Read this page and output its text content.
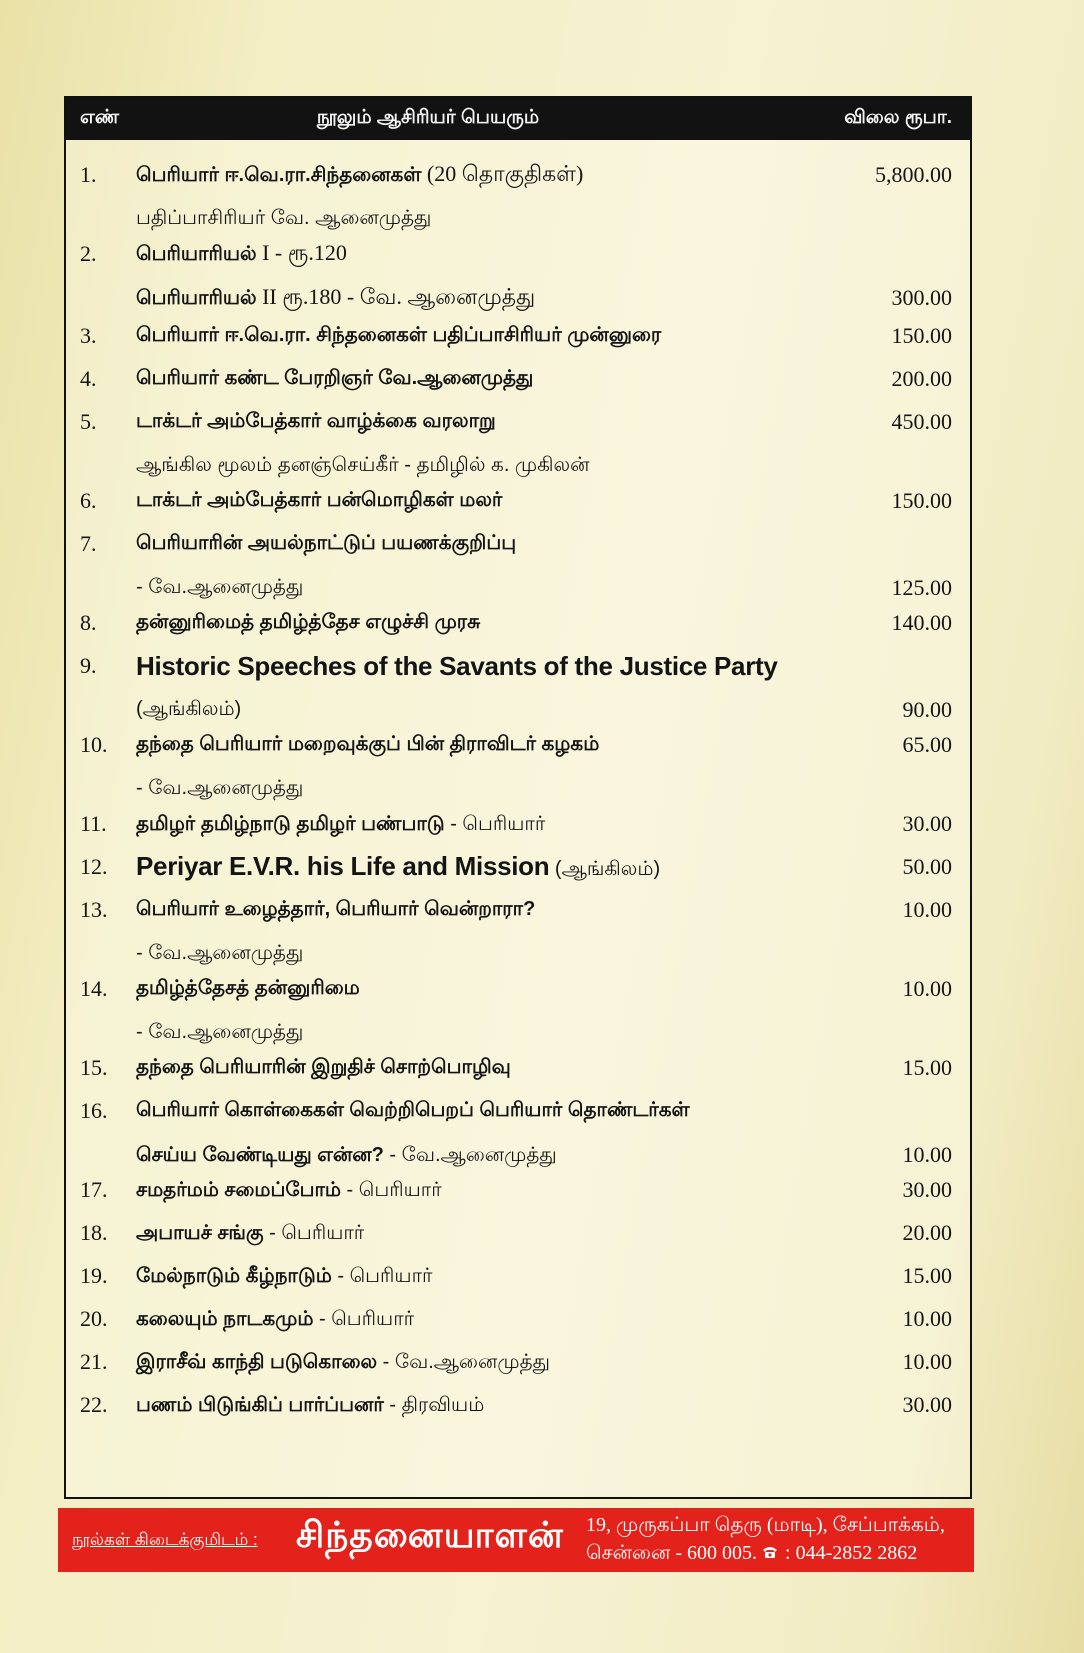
எண்	நூலும் ஆசிரியர் பெயரும்	விலை ரூபா.
1.	பெரியார் ஈ.வெ.ரா.சிந்தனைகள் (20 தொகுதிகள்)	5,800.00
பதிப்பாசிரியர் வே. ஆனைமுத்து
2.	பெரியாரியல் I - ரூ.120
பெரியாரியல் II ரூ.180 - வே. ஆனைமுத்து	300.00
3.	பெரியார் ஈ.வெ.ரா. சிந்தனைகள் பதிப்பாசிரியர் முன்னுரை	150.00
4.	பெரியார் கண்ட பேரறிஞர் வே.ஆனைமுத்து	200.00
5.	டாக்டர் அம்பேத்கார் வாழ்க்கை வரலாறு	450.00
ஆங்கில மூலம் தனஞ்செய்கீர் - தமிழில் க. முகிலன்
6.	டாக்டர் அம்பேத்கார் பன்மொழிகள் மலர்	150.00
7.	பெரியாரின் அயல்நாட்டுப் பயணக்குறிப்பு
- வே.ஆனைமுத்து	125.00
8.	தன்னுரிமைத் தமிழ்த்தேச எழுச்சி முரசு	140.00
9.	Historic Speeches of the Savants of the Justice Party
(ஆங்கிலம்)	90.00
10.	தந்தை பெரியார் மறைவுக்குப் பின் திராவிடர் கழகம்	65.00
- வே.ஆனைமுத்து
11.	தமிழர் தமிழ்நாடு தமிழர் பண்பாடு - பெரியார்	30.00
12.	Periyar E.V.R. his Life and Mission (ஆங்கிலம்)	50.00
13.	பெரியார் உழைத்தார், பெரியார் வென்றாரா?	10.00
- வே.ஆனைமுத்து
14.	தமிழ்த்தேசத் தன்னுரிமை	10.00
- வே.ஆனைமுத்து
15.	தந்தை பெரியாரின் இறுதிச் சொற்பொழிவு	15.00
16.	பெரியார் கொள்கைகள் வெற்றிபெறப் பெரியார் தொண்டர்கள்
செய்ய வேண்டியது என்ன? - வே.ஆனைமுத்து	10.00
17.	சமதர்மம் சமைப்போம் - பெரியார்	30.00
18.	அபாயச் சங்கு - பெரியார்	20.00
19.	மேல்நாடும் கீழ்நாடும் - பெரியார்	15.00
20.	கலையும் நாடகமும் - பெரியார்	10.00
21.	இராசீவ் காந்தி படுகொலை - வே.ஆனைமுத்து	10.00
22.	பணம் பிடுங்கிப் பார்ப்பனர் - திரவியம்	30.00
நூல்கள் கிடைக்குமிடம் : சிந்தனையாளன் 19, முருகப்பா தெரு (மாடி), சேப்பாக்கம்,
சென்னை - 600 005. : 044-2852 2862
